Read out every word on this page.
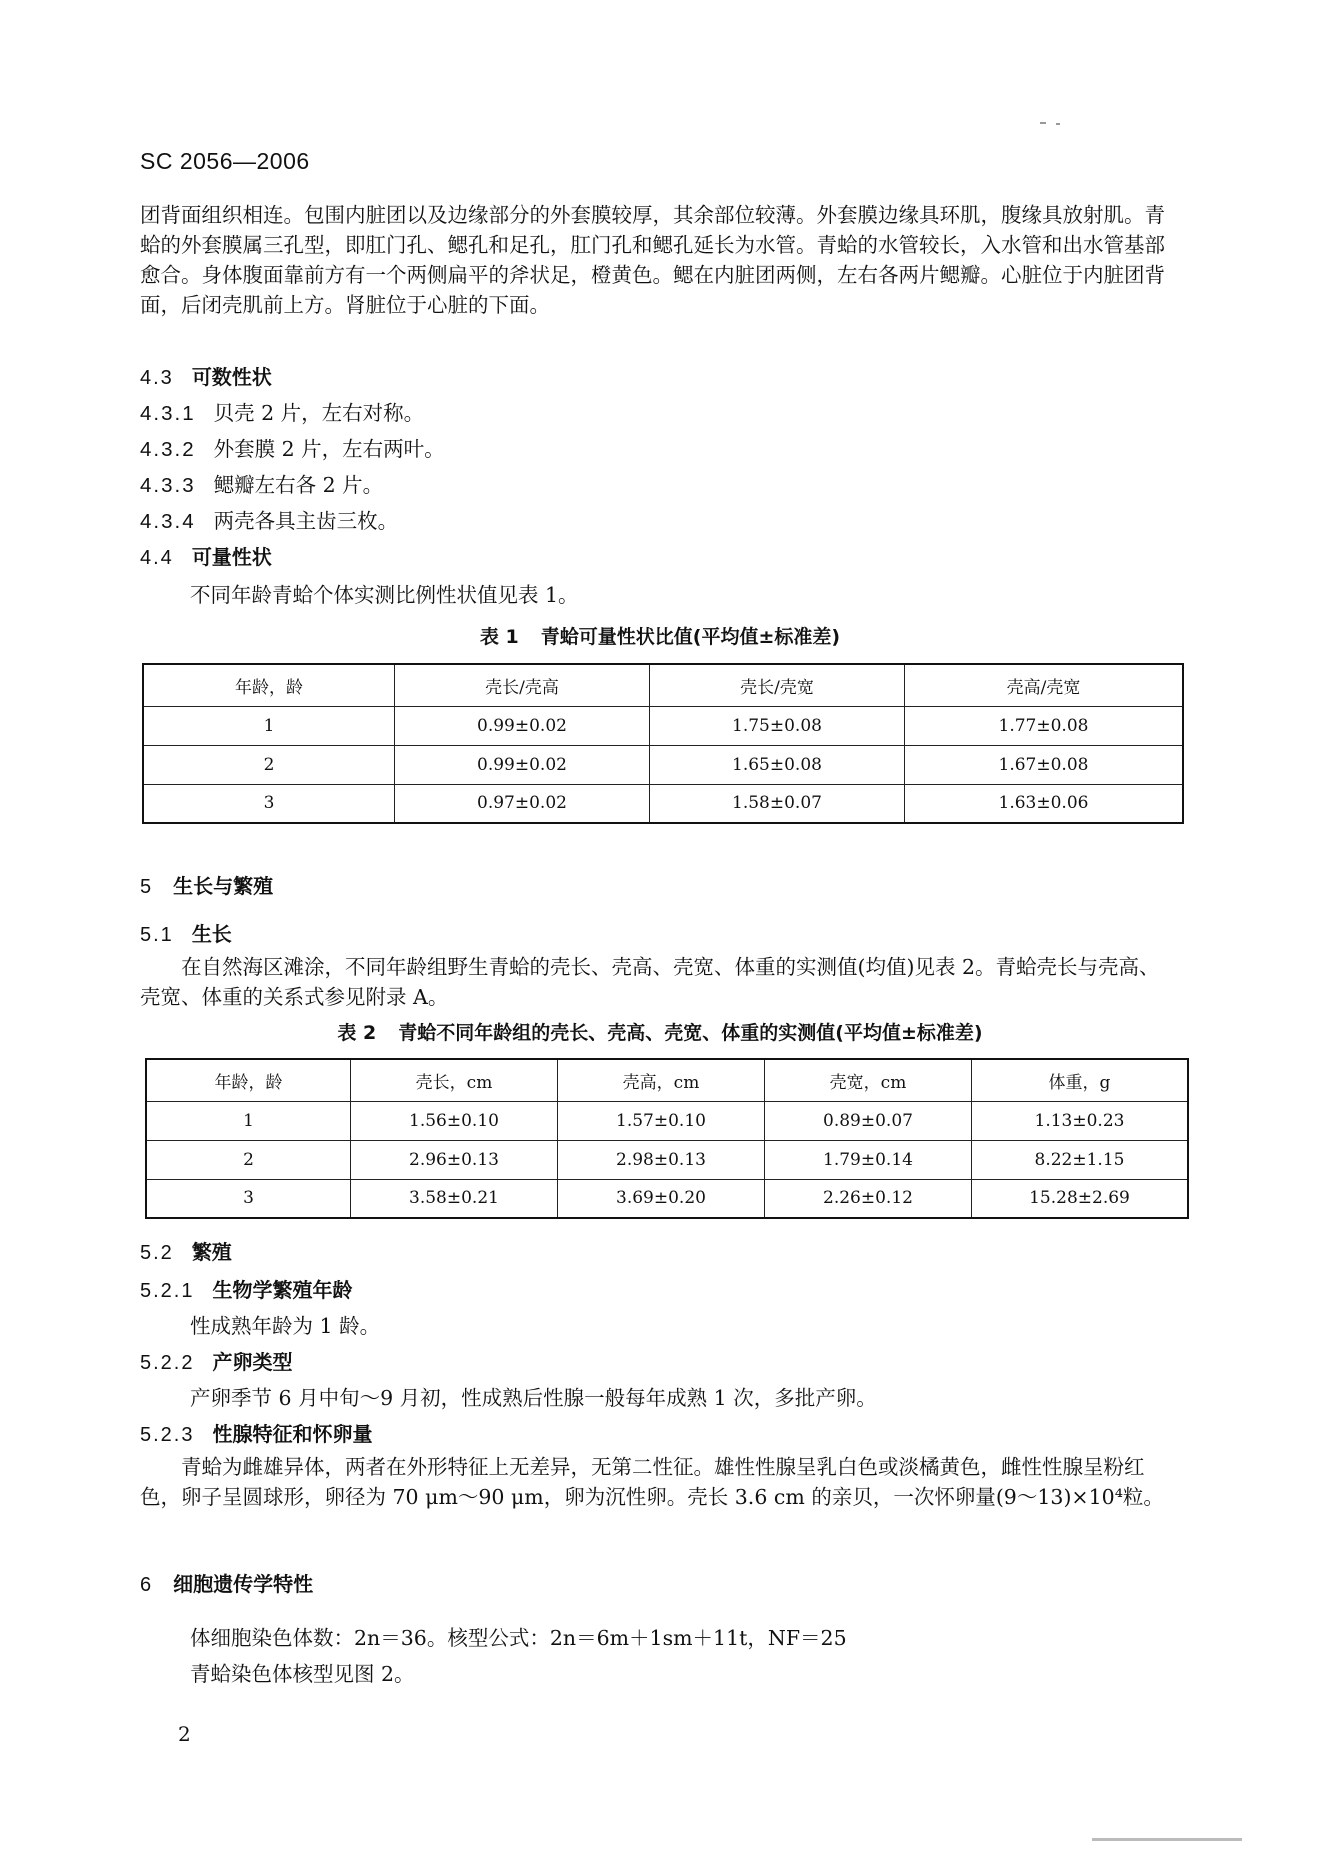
SC 2056—2006
团背面组织相连。包围内脏团以及边缘部分的外套膜较厚，其余部位较薄。外套膜边缘具环肌，腹缘具放射肌。青蛤的外套膜属三孔型，即肛门孔、鳃孔和足孔，肛门孔和鳃孔延长为水管。青蛤的水管较长，入水管和出水管基部愈合。身体腹面靠前方有一个两侧扁平的斧状足，橙黄色。鳃在内脏团两侧，左右各两片鳃瓣。心脏位于内脏团背面，后闭壳肌前上方。肾脏位于心脏的下面。
4.3 可数性状
4.3.1 贝壳 2 片，左右对称。
4.3.2 外套膜 2 片，左右两叶。
4.3.3 鳃瓣左右各 2 片。
4.3.4 两壳各具主齿三枚。
4.4 可量性状
不同年龄青蛤个体实测比例性状值见表 1。
表 1 青蛤可量性状比值(平均值±标准差)
年龄，龄	壳长/壳高	壳长/壳宽	壳高/壳宽
1	0.99±0.02	1.75±0.08	1.77±0.08
2	0.99±0.02	1.65±0.08	1.67±0.08
3	0.97±0.02	1.58±0.07	1.63±0.06
5 生长与繁殖
5.1 生长
在自然海区滩涂，不同年龄组野生青蛤的壳长、壳高、壳宽、体重的实测值(均值)见表 2。青蛤壳长与壳高、壳宽、体重的关系式参见附录 A。
表 2 青蛤不同年龄组的壳长、壳高、壳宽、体重的实测值(平均值±标准差)
年龄，龄	壳长，cm	壳高，cm	壳宽，cm	体重，g
1	1.56±0.10	1.57±0.10	0.89±0.07	1.13±0.23
2	2.96±0.13	2.98±0.13	1.79±0.14	8.22±1.15
3	3.58±0.21	3.69±0.20	2.26±0.12	15.28±2.69
5.2 繁殖
5.2.1 生物学繁殖年龄
性成熟年龄为 1 龄。
5.2.2 产卵类型
产卵季节 6 月中旬～9 月初，性成熟后性腺一般每年成熟 1 次，多批产卵。
5.2.3 性腺特征和怀卵量
青蛤为雌雄异体，两者在外形特征上无差异，无第二性征。雄性性腺呈乳白色或淡橘黄色，雌性性腺呈粉红色，卵子呈圆球形，卵径为 70 μm～90 μm，卵为沉性卵。壳长 3.6 cm 的亲贝，一次怀卵量(9～13)×10⁴粒。
6 细胞遗传学特性
体细胞染色体数：2n＝36。核型公式：2n＝6m＋1sm＋11t，NF＝25
青蛤染色体核型见图 2。
2
